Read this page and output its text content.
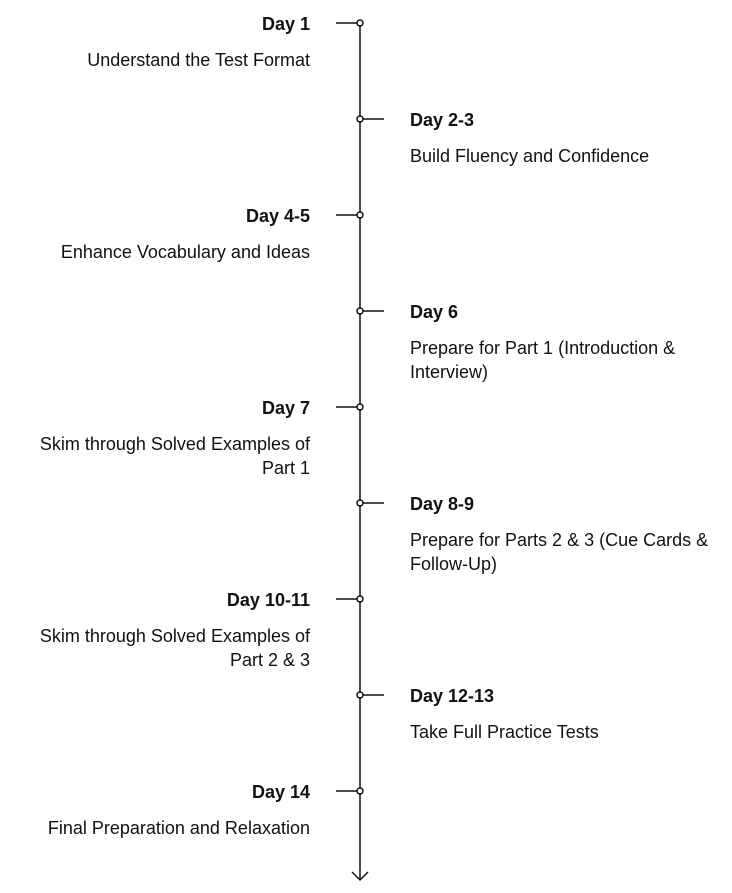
Day 1
Understand the Test Format
Day 2-3
Build Fluency and Confidence
Day 4-5
Enhance Vocabulary and Ideas
Day 6
Prepare for Part 1 (Introduction & Interview)
Day 7
Skim through Solved Examples of Part 1
Day 8-9
Prepare for Parts 2 & 3 (Cue Cards & Follow-Up)
Day 10-11
Skim through Solved Examples of Part 2 & 3
Day 12-13
Take Full Practice Tests
Day 14
Final Preparation and Relaxation
